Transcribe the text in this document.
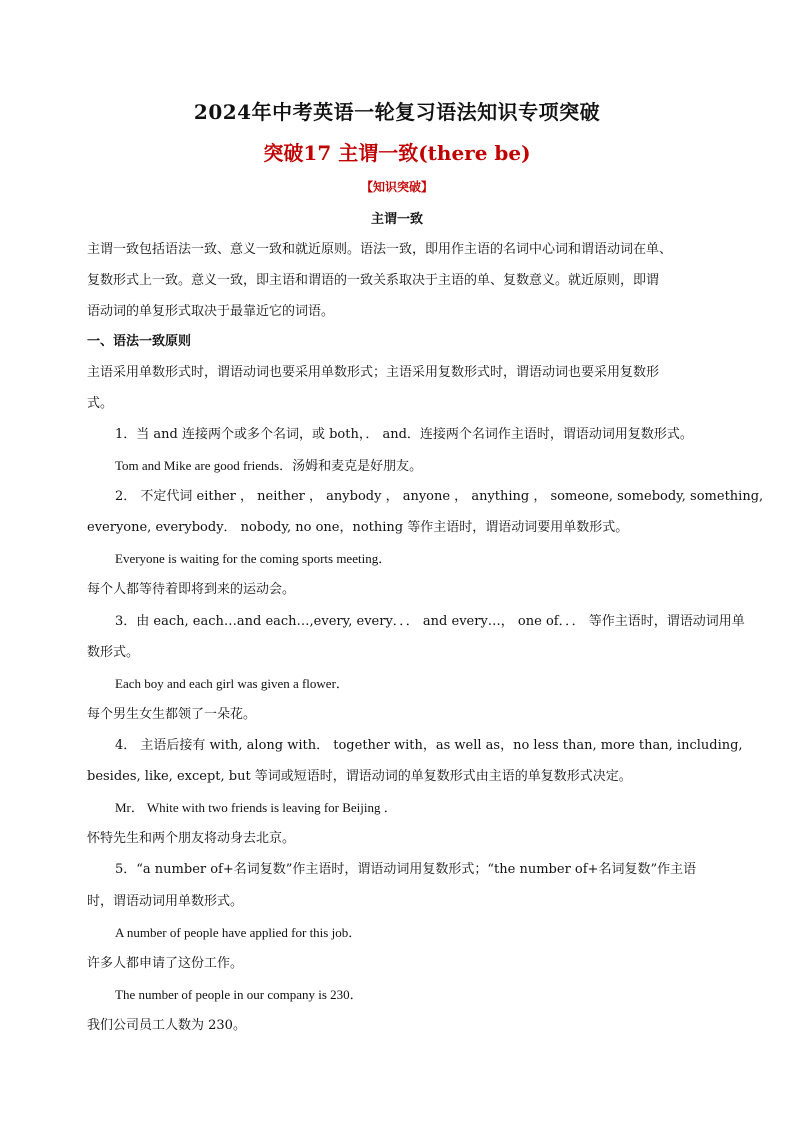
2024年中考英语一轮复习语法知识专项突破
突破17 主谓一致(there be)
【知识突破】
主谓一致
主谓一致包括语法一致、意义一致和就近原则。语法一致，即用作主语的名词中心词和谓语动词在单、
复数形式上一致。意义一致，即主语和谓语的一致关系取决于主语的单、复数意义。就近原则，即谓
语动词的单复形式取决于最靠近它的词语。
一、语法一致原则
主语采用单数形式时，谓语动词也要采用单数形式；主语采用复数形式时，谓语动词也要采用复数形
式。
1．当 and 连接两个或多个名词，或 both，． and．连接两个名词作主语时，谓语动词用复数形式。
Tom and Mike are good friends．汤姆和麦克是好朋友。
2． 不定代词 either ， neither ， anybody ， anyone ， anything ， someone, somebody, something,
everyone, everybody． nobody, no one，nothing 等作主语时，谓语动词要用单数形式。
Everyone is waiting for the coming sports meeting．
每个人都等待着即将到来的运动会。
3．由 each, each…and each…,every, every．．． and every…， one of．．． 等作主语时，谓语动词用单
数形式。
Each boy and each girl was given a flower．
每个男生女生都领了一朵花。
4． 主语后接有 with, along with． together with，as well as，no less than, more than, including,
besides, like, except, but 等词或短语时，谓语动词的单复数形式由主语的单复数形式决定。
Mr． White with two friends is leaving for Beijing ．
怀特先生和两个朋友将动身去北京。
5．“a number of+名词复数”作主语时，谓语动词用复数形式；“the number of+名词复数”作主语
时，谓语动词用单数形式。
A number of people have applied for this job．
许多人都申请了这份工作。
The number of people in our company is 230．
我们公司员工人数为 230。
